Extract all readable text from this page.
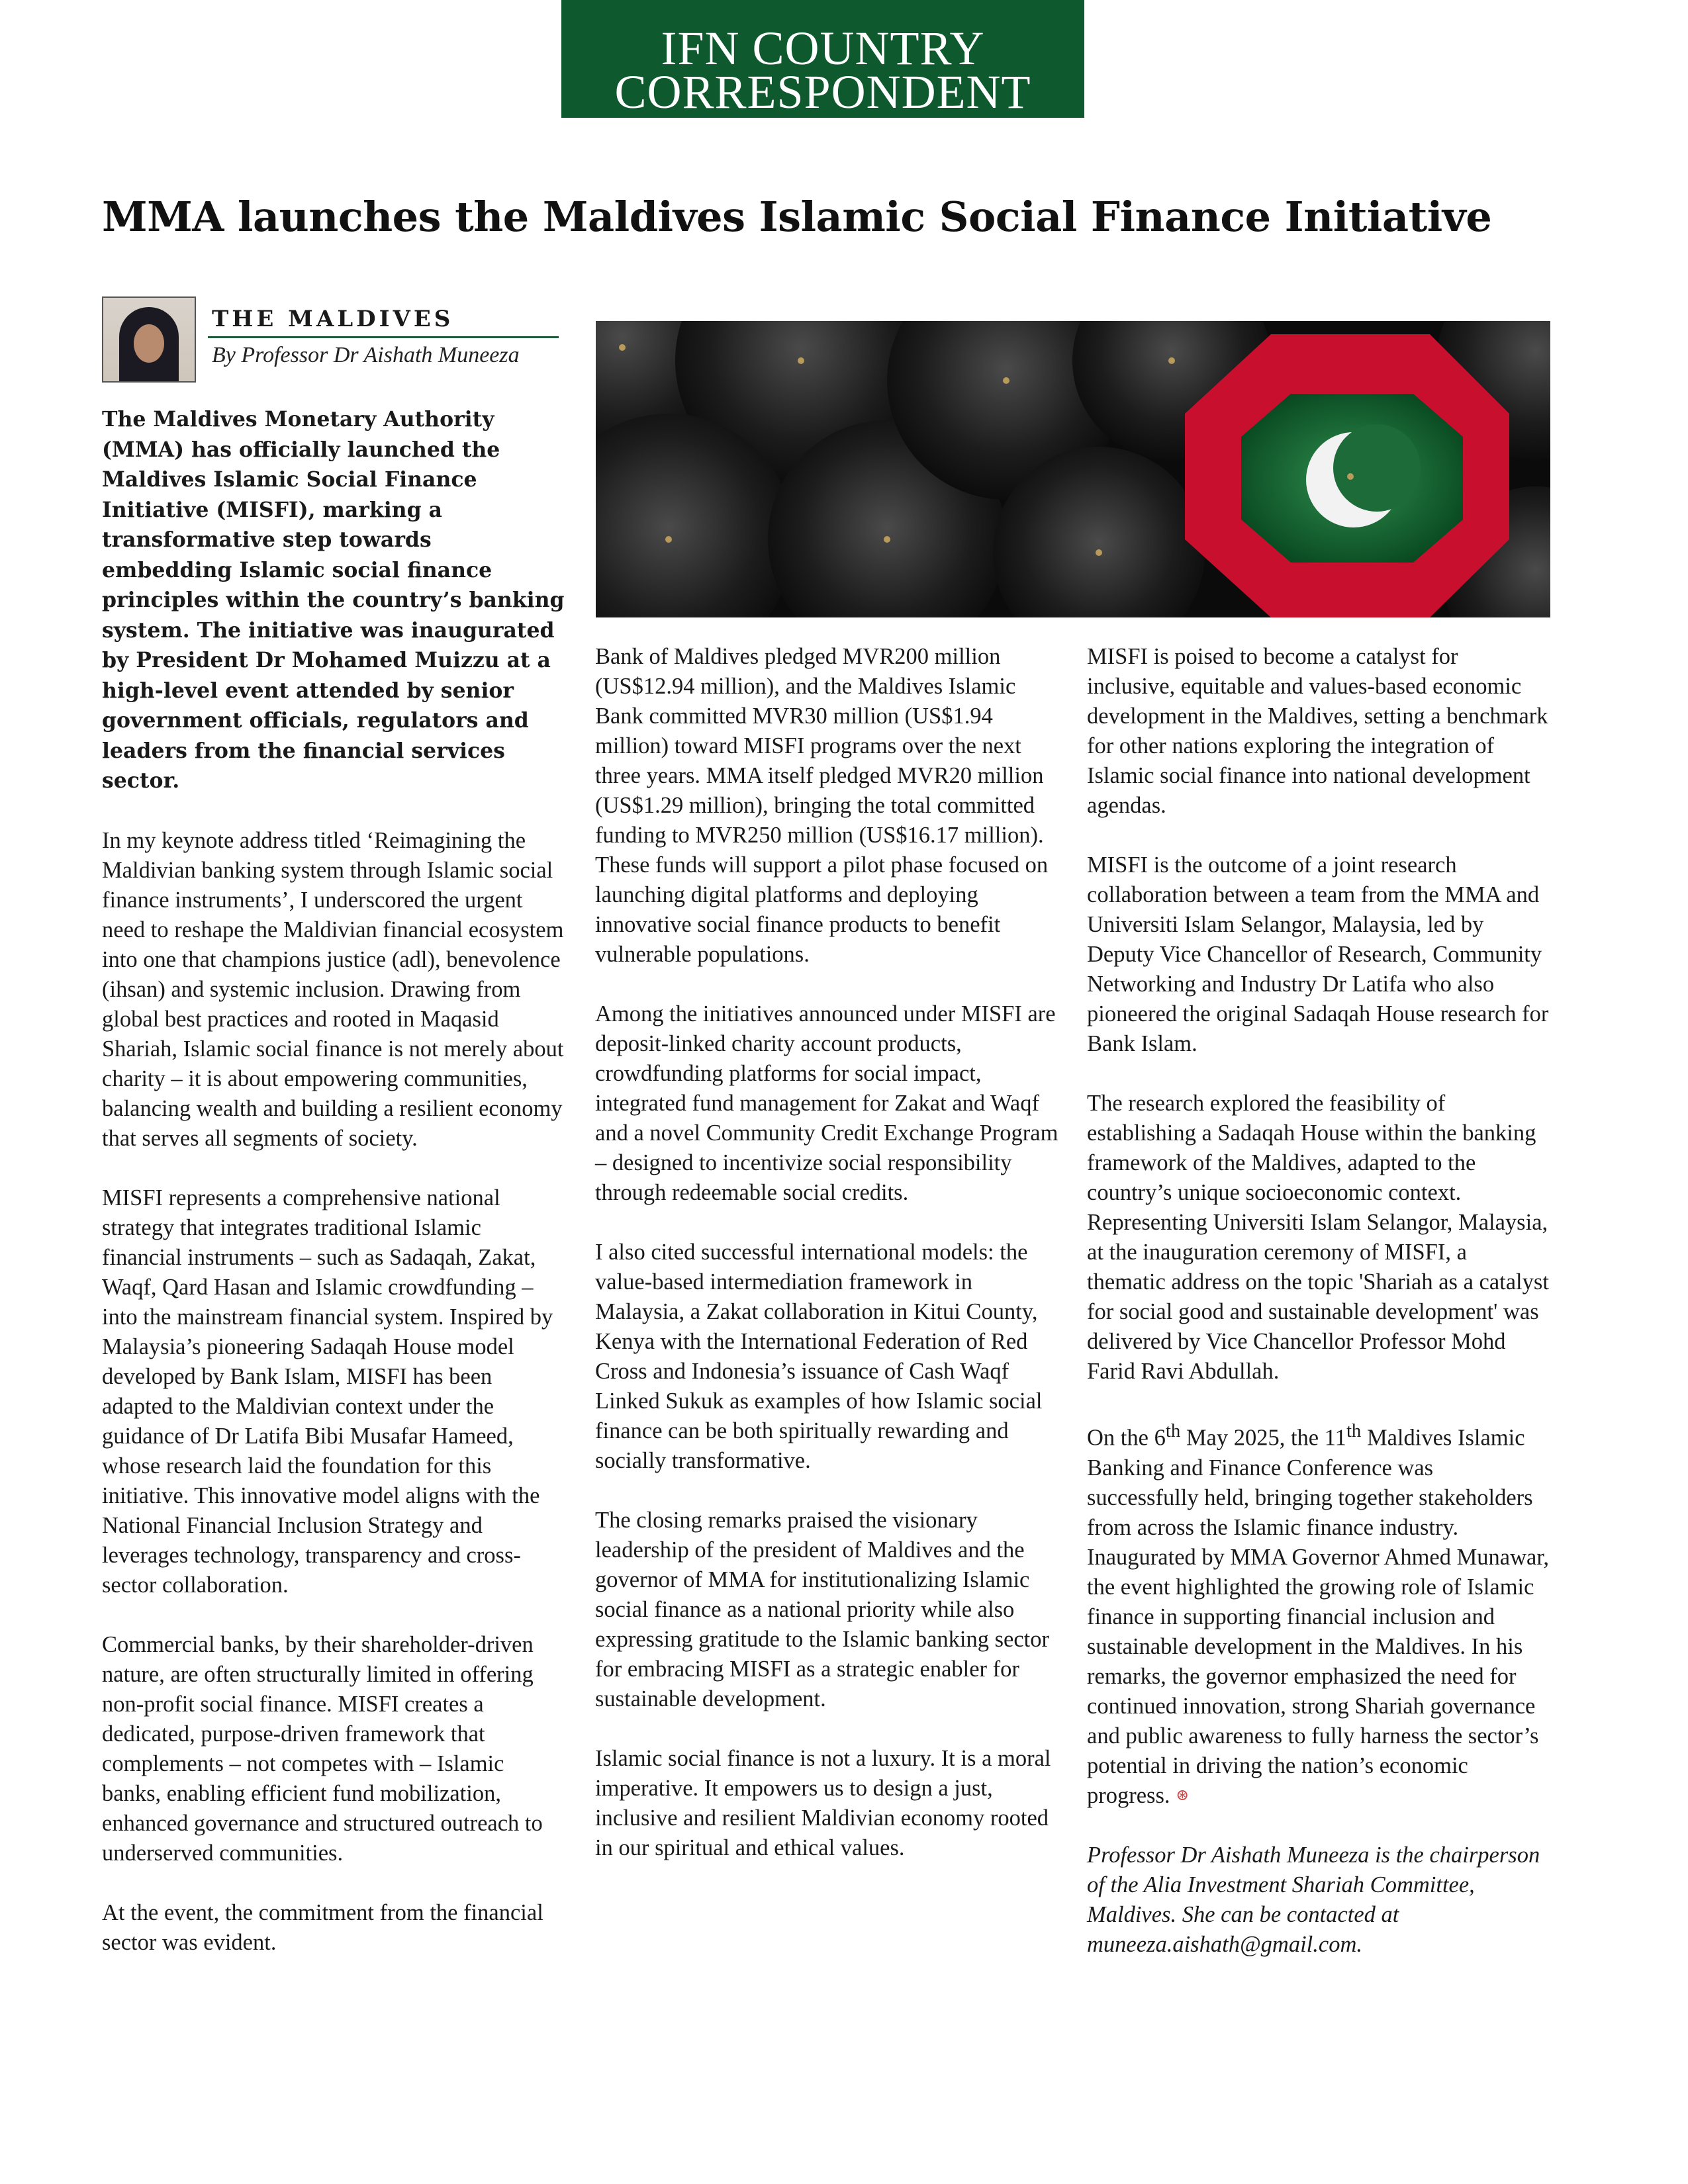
IFN COUNTRY
CORRESPONDENT
MMA launches the Maldives Islamic Social Finance Initiative
THE MALDIVES
By Professor Dr Aishath Muneeza

The Maldives Monetary Authority (MMA) has officially launched the Maldives Islamic Social Finance Initiative (MISFI), marking a transformative step towards embedding Islamic social finance principles within the country’s banking system. The initiative was inaugurated by President Dr Mohamed Muizzu at a high-level event attended by senior government officials, regulators and leaders from the financial services sector.

In my keynote address titled ‘Reimagining the Maldivian banking system through Islamic social finance instruments’, I underscored the urgent need to reshape the Maldivian financial ecosystem into one that champions justice (adl), benevolence (ihsan) and systemic inclusion. Drawing from global best practices and rooted in Maqasid Shariah, Islamic social finance is not merely about charity – it is about empowering communities, balancing wealth and building a resilient economy that serves all segments of society.

MISFI represents a comprehensive national strategy that integrates traditional Islamic financial instruments – such as Sadaqah, Zakat, Waqf, Qard Hasan and Islamic crowdfunding – into the mainstream financial system. Inspired by Malaysia’s pioneering Sadaqah House model developed by Bank Islam, MISFI has been adapted to the Maldivian context under the guidance of Dr Latifa Bibi Musafar Hameed, whose research laid the foundation for this initiative. This innovative model aligns with the National Financial Inclusion Strategy and leverages technology, transparency and cross-sector collaboration.

Commercial banks, by their shareholder-driven nature, are often structurally limited in offering non-profit social finance. MISFI creates a dedicated, purpose-driven framework that complements – not competes with – Islamic banks, enabling efficient fund mobilization, enhanced governance and structured outreach to underserved communities.

At the event, the commitment from the financial sector was evident.

Bank of Maldives pledged MVR200 million (US$12.94 million), and the Maldives Islamic Bank committed MVR30 million (US$1.94 million) toward MISFI programs over the next three years. MMA itself pledged MVR20 million (US$1.29 million), bringing the total committed funding to MVR250 million (US$16.17 million). These funds will support a pilot phase focused on launching digital platforms and deploying innovative social finance products to benefit vulnerable populations.

Among the initiatives announced under MISFI are deposit-linked charity account products, crowdfunding platforms for social impact, integrated fund management for Zakat and Waqf and a novel Community Credit Exchange Program – designed to incentivize social responsibility through redeemable social credits.

I also cited successful international models: the value-based intermediation framework in Malaysia, a Zakat collaboration in Kitui County, Kenya with the International Federation of Red Cross and Indonesia’s issuance of Cash Waqf Linked Sukuk as examples of how Islamic social finance can be both spiritually rewarding and socially transformative.

The closing remarks praised the visionary leadership of the president of Maldives and the governor of MMA for institutionalizing Islamic social finance as a national priority while also expressing gratitude to the Islamic banking sector for embracing MISFI as a strategic enabler for sustainable development.

Islamic social finance is not a luxury. It is a moral imperative. It empowers us to design a just, inclusive and resilient Maldivian economy rooted in our spiritual and ethical values.

MISFI is poised to become a catalyst for inclusive, equitable and values-based economic development in the Maldives, setting a benchmark for other nations exploring the integration of Islamic social finance into national development agendas.

MISFI is the outcome of a joint research collaboration between a team from the MMA and Universiti Islam Selangor, Malaysia, led by Deputy Vice Chancellor of Research, Community Networking and Industry Dr Latifa who also pioneered the original Sadaqah House research for Bank Islam.

The research explored the feasibility of establishing a Sadaqah House within the banking framework of the Maldives, adapted to the country’s unique socioeconomic context. Representing Universiti Islam Selangor, Malaysia, at the inauguration ceremony of MISFI, a thematic address on the topic 'Shariah as a catalyst for social good and sustainable development' was delivered by Vice Chancellor Professor Mohd Farid Ravi Abdullah.

On the 6th May 2025, the 11th Maldives Islamic Banking and Finance Conference was successfully held, bringing together stakeholders from across the Islamic finance industry. Inaugurated by MMA Governor Ahmed Munawar, the event highlighted the growing role of Islamic finance in supporting financial inclusion and sustainable development in the Maldives. In his remarks, the governor emphasized the need for continued innovation, strong Shariah governance and public awareness to fully harness the sector’s potential in driving the nation’s economic progress. ⊛

Professor Dr Aishath Muneeza is the chairperson of the Alia Investment Shariah Committee, Maldives. She can be contacted at muneeza.aishath@gmail.com.
